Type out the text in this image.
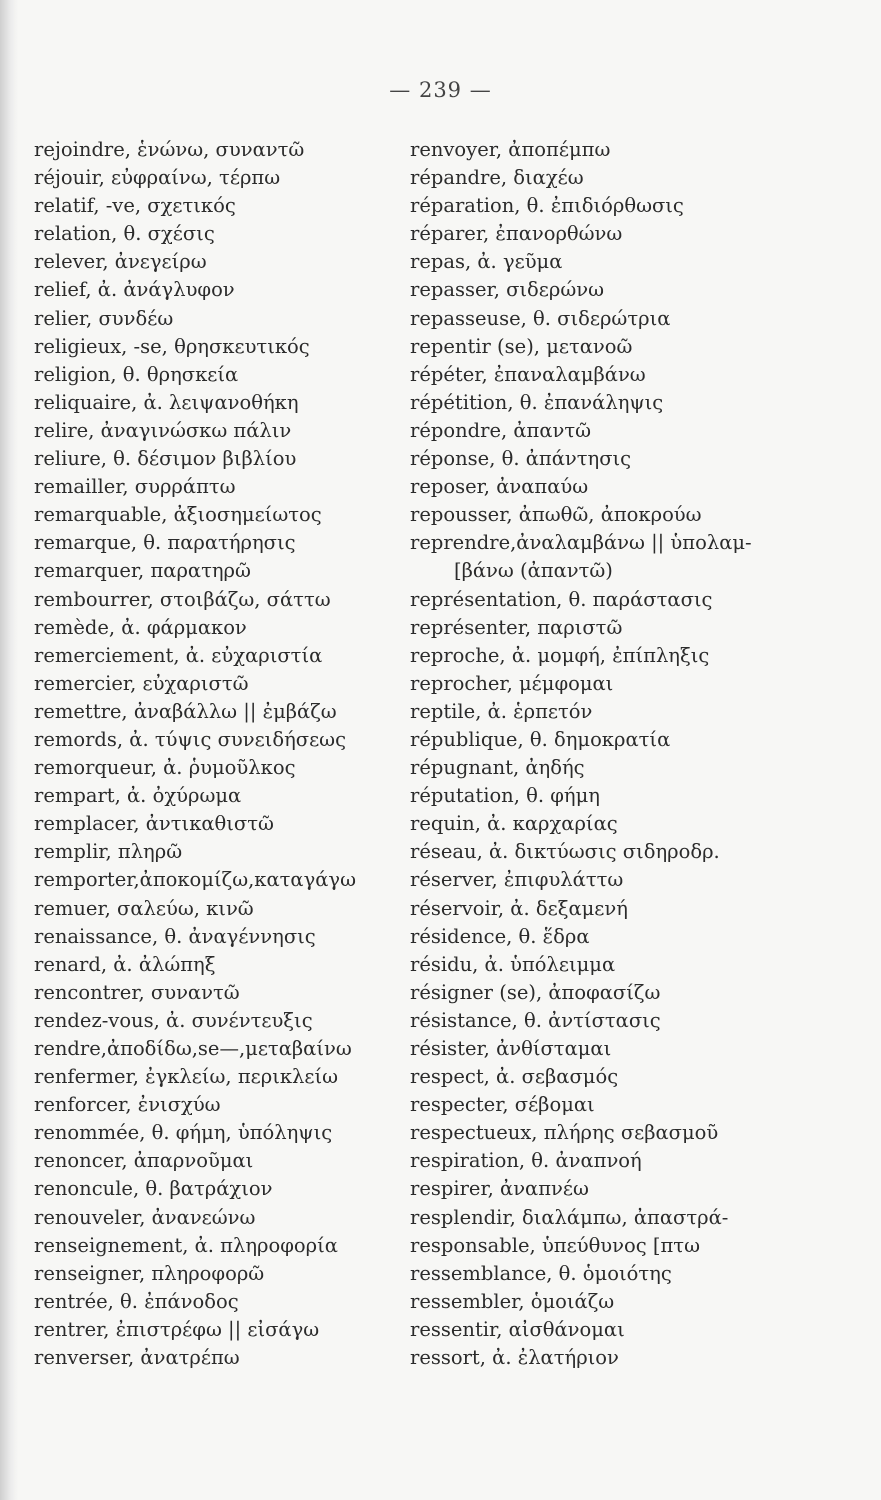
— 239 —
rejoindre, ἑνώνω, συναντῶ
réjouir, εὐφραίνω, τέρπω
relatif, -ve, σχετικός
relation, θ. σχέσις
relever, ἀνεγείρω
relief, ἀ. ἀνάγλυφον
relier, συνδέω
religieux, -se, θρησκευτικός
religion, θ. θρησκεία
reliquaire, ἀ. λειψανοθήκη
relire, ἀναγινώσκω πάλιν
reliure, θ. δέσιμον βιβλίου
remailler, συρράπτω
remarquable, ἀξιοσημείωτος
remarque, θ. παρατήρησις
remarquer, παρατηρῶ
rembourrer, στοιβάζω, σάττω
remède, ἀ. φάρμακον
remerciement, ἀ. εὐχαριστία
remercier, εὐχαριστῶ
remettre, ἀναβάλλω || ἐμβάζω
remords, ἀ. τύψις συνειδήσεως
remorqueur, ἀ. ῥυμοῦλκος
rempart, ἀ. ὀχύρωμα
remplacer, ἀντικαθιστῶ
remplir, πληρῶ
remporter,ἀποκομίζω,καταγάγω
remuer, σαλεύω, κινῶ
renaissance, θ. ἀναγέννησις
renard, ἀ. ἀλώπηξ
rencontrer, συναντῶ
rendez-vous, ἀ. συνέντευξις
rendre,ἀποδίδω,se—,μεταβαίνω
renfermer, ἐγκλείω, περικλείω
renforcer, ἐνισχύω
renommée, θ. φήμη, ὑπόληψις
renoncer, ἀπαρνοῦμαι
renoncule, θ. βατράχιον
renouveler, ἀνανεώνω
renseignement, ἀ. πληροφορία
renseigner, πληροφορῶ
rentrée, θ. ἐπάνοδος
rentrer, ἐπιστρέφω || εἰσάγω
renverser, ἀνατρέπω
renvoyer, ἀποπέμπω
répandre, διαχέω
réparation, θ. ἐπιδιόρθωσις
réparer, ἐπανορθώνω
repas, ἀ. γεῦμα
repasser, σιδερώνω
repasseuse, θ. σιδερώτρια
repentir (se), μετανοῶ
répéter, ἐπαναλαμβάνω
répétition, θ. ἐπανάληψις
répondre, ἀπαντῶ
réponse, θ. ἀπάντησις
reposer, ἀναπαύω
repousser, ἀπωθῶ, ἀποκρούω
reprendre,ἀναλαμβάνω || ὑπολαμ-
[βάνω (ἀπαντῶ)
représentation, θ. παράστασις
représenter, παριστῶ
reproche, ἀ. μομφή, ἐπίπληξις
reprocher, μέμφομαι
reptile, ἀ. ἑρπετόν
république, θ. δημοκρατία
répugnant, ἀηδής
réputation, θ. φήμη
requin, ἀ. καρχαρίας
réseau, ἀ. δικτύωσις σιδηροδρ.
réserver, ἐπιφυλάττω
réservoir, ἀ. δεξαμενή
résidence, θ. ἕδρα
résidu, ἀ. ὑπόλειμμα
résigner (se), ἀποφασίζω
résistance, θ. ἀντίστασις
résister, ἀνθίσταμαι
respect, ἀ. σεβασμός
respecter, σέβομαι
respectueux, πλήρης σεβασμοῦ
respiration, θ. ἀναπνοή
respirer, ἀναπνέω
resplendir, διαλάμπω, ἀπαστρά-
responsable, ὑπεύθυνος [πτω
ressemblance, θ. ὁμοιότης
ressembler, ὁμοιάζω
ressentir, αἰσθάνομαι
ressort, ἀ. ἐλατήριον
